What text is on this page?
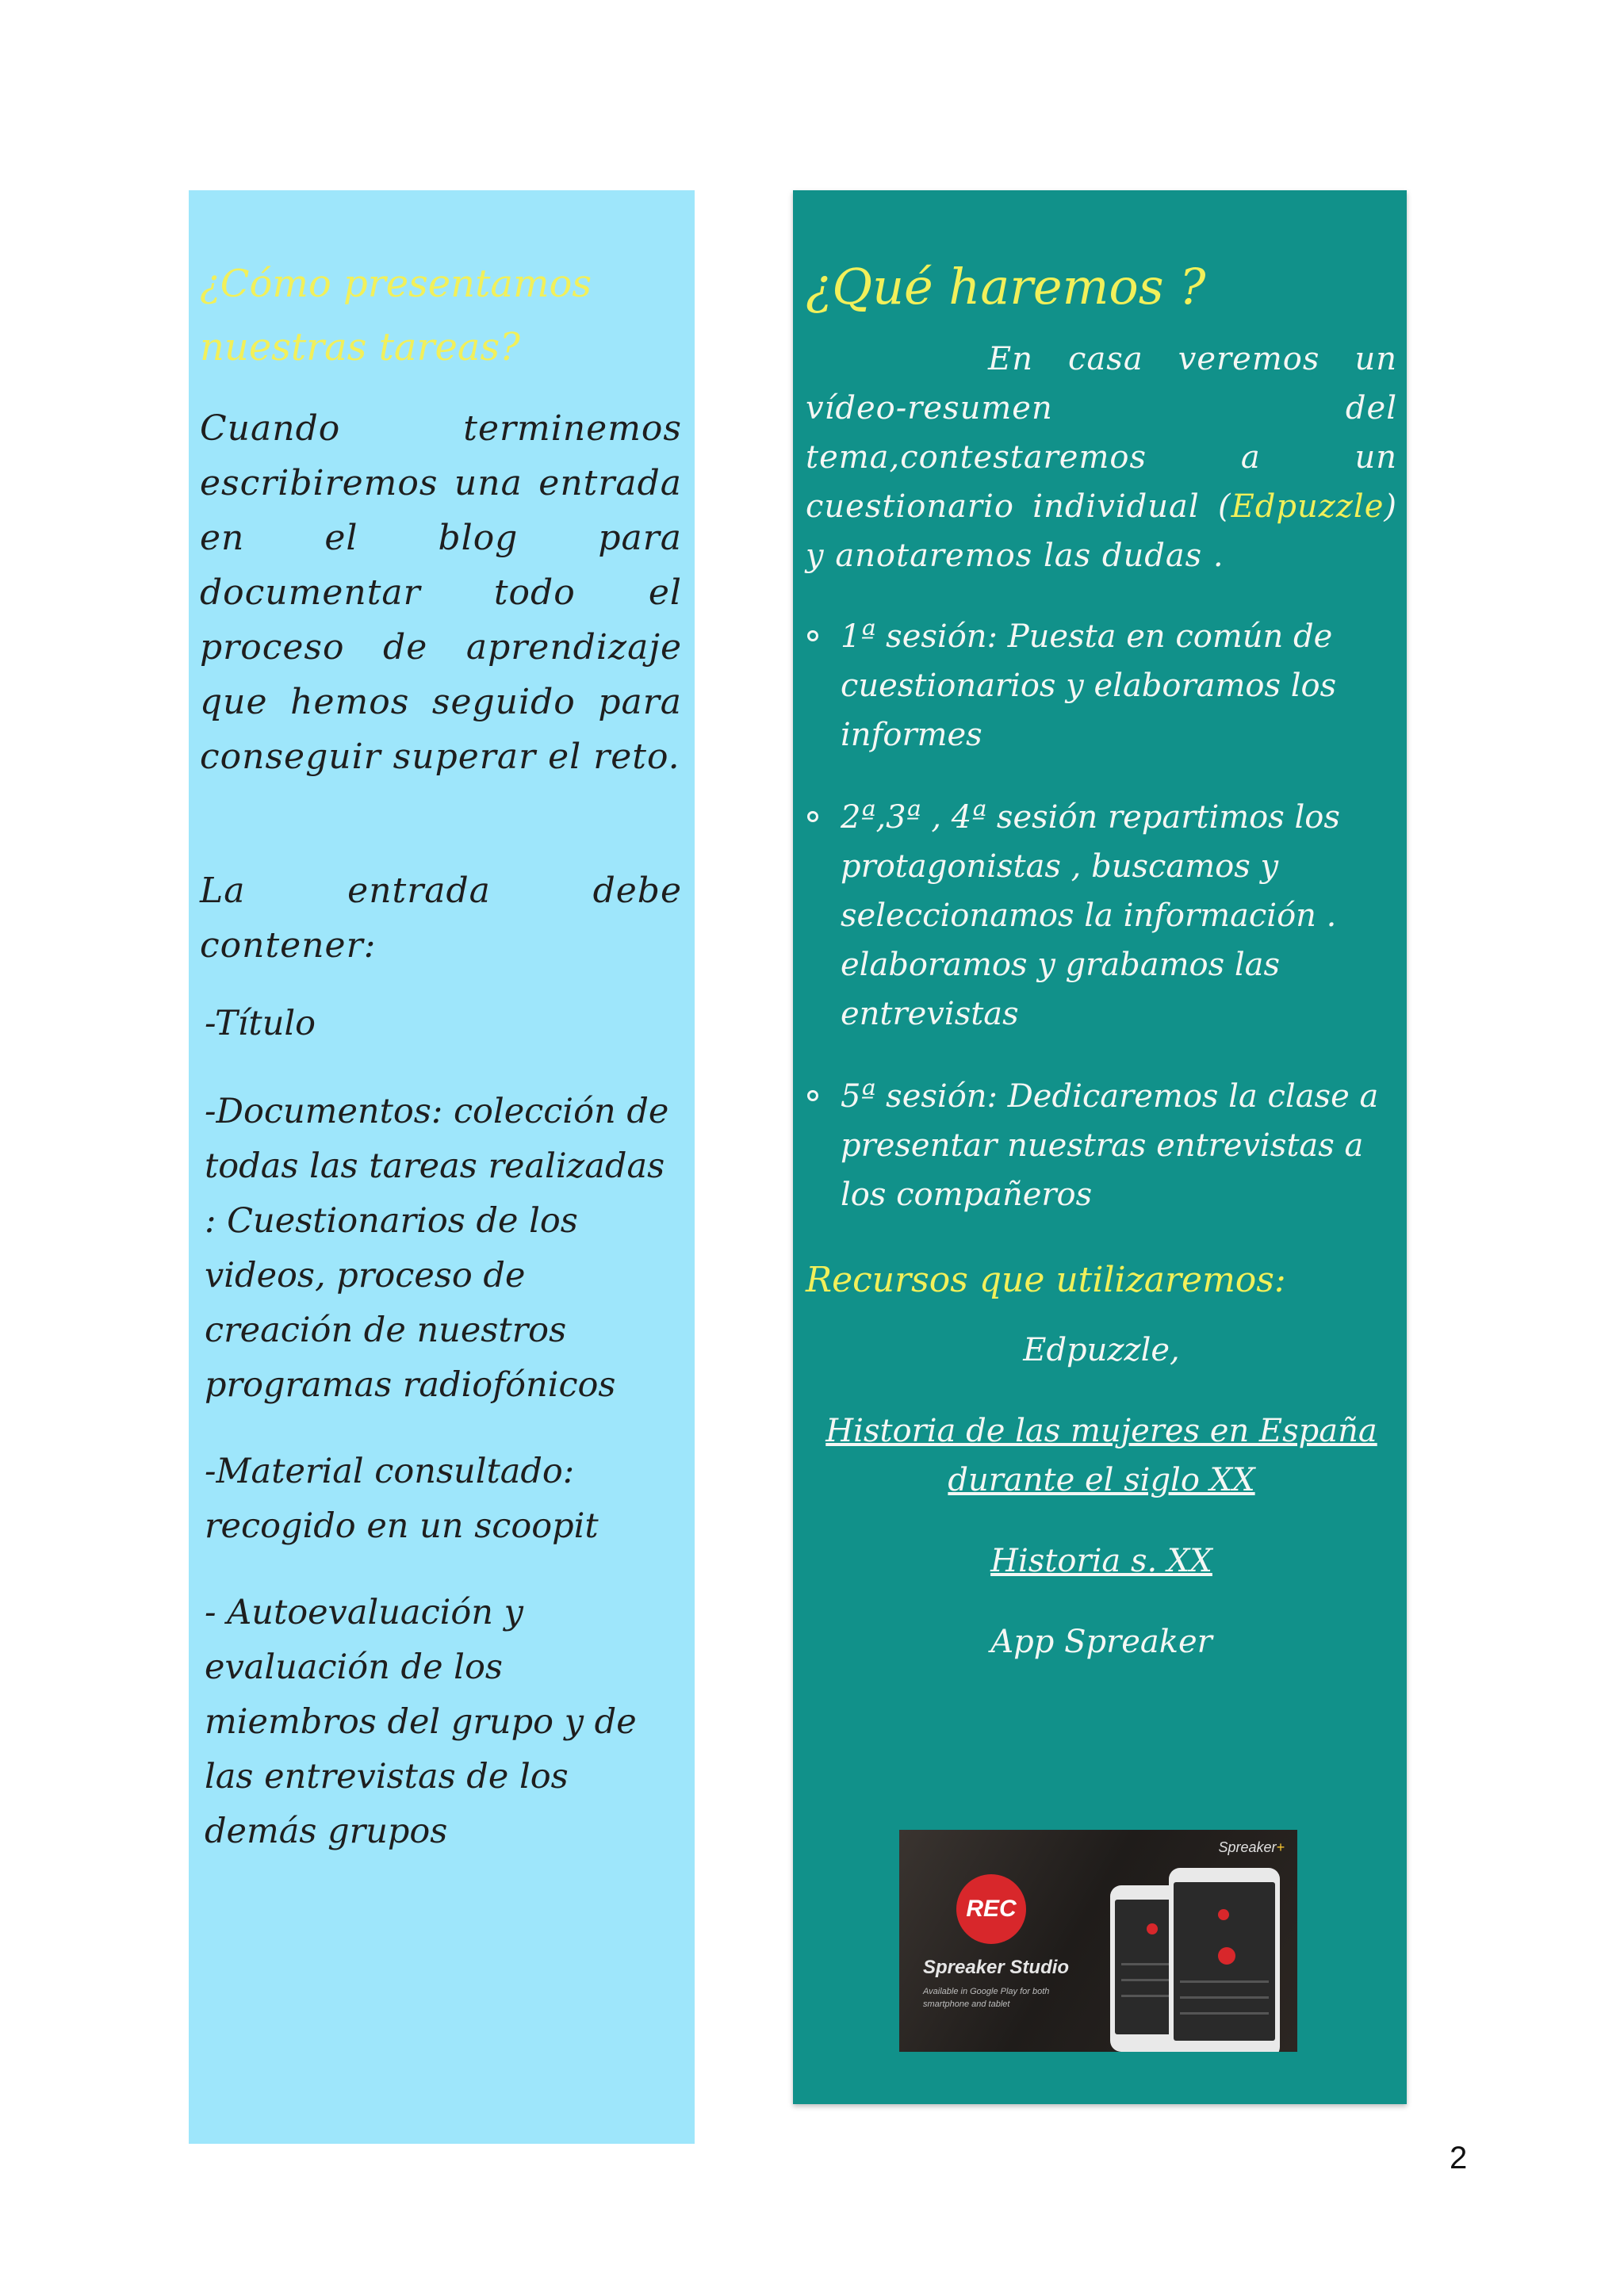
¿Cómo presentamos nuestras tareas?

Cuando terminemos escribiremos una entrada en el blog para documentar todo el proceso de aprendizaje que hemos seguido para conseguir superar el reto.

La entrada debe contener:

-Título

-Documentos: colección de todas las tareas realizadas : Cuestionarios de los videos, proceso de creación de nuestros programas radiofónicos

-Material consultado: recogido en un scoopit

- Autoevaluación y evaluación de los miembros del grupo y de las entrevistas de los demás grupos

¿Qué haremos ?

En casa veremos un vídeo-resumen del tema,contestaremos a un cuestionario individual (Edpuzzle) y anotaremos las dudas .

1ª sesión: Puesta en común de cuestionarios y elaboramos los informes
2ª,3ª , 4ª sesión repartimos los protagonistas , buscamos y seleccionamos la información . elaboramos y grabamos las entrevistas
5ª sesión: Dedicaremos la clase a presentar nuestras entrevistas a los compañeros
Recursos que utilizaremos:

Edpuzzle,

Historia de las mujeres en España durante el siglo XX

Historia s. XX

App Spreaker

Spreaker+
REC
Spreaker Studio
Available in Google Play for both smartphone and tablet
2
